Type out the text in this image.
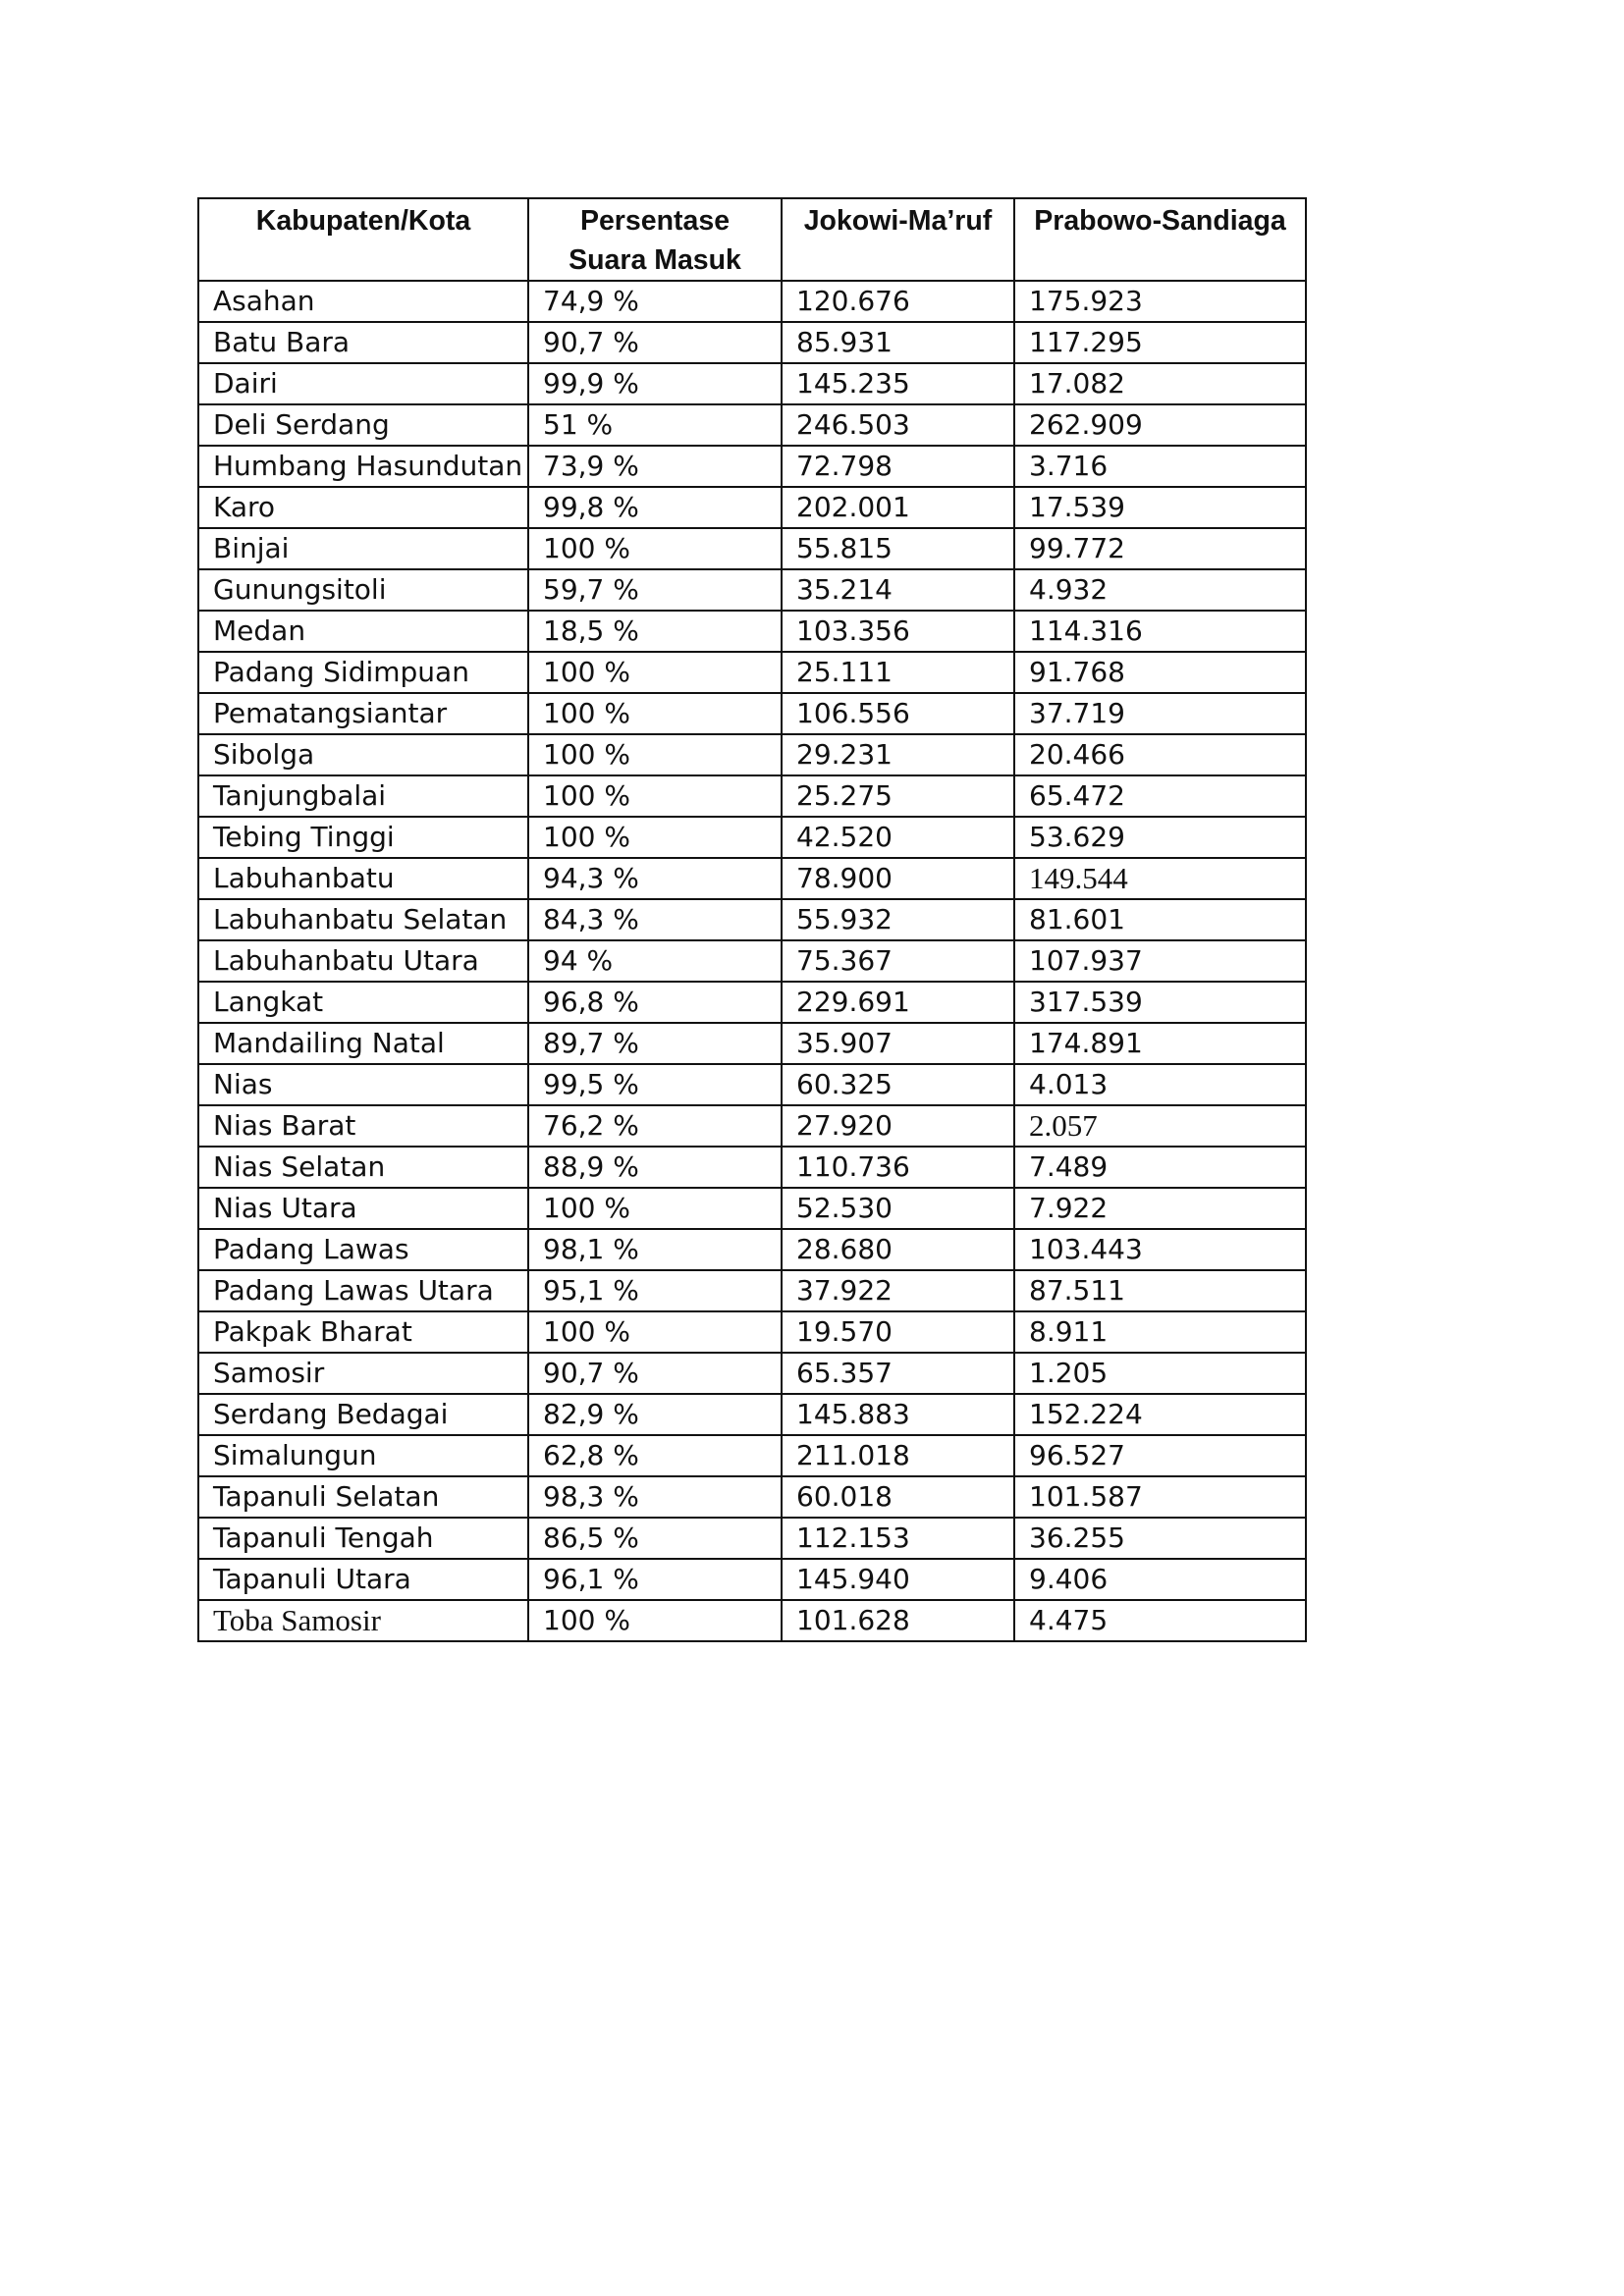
Kabupaten/Kota	Persentase Suara Masuk	Jokowi-Ma’ruf	Prabowo-Sandiaga
Asahan	74,9 %	120.676	175.923
Batu Bara	90,7 %	85.931	117.295
Dairi	99,9 %	145.235	17.082
Deli Serdang	51 %	246.503	262.909
Humbang Hasundutan	73,9 %	72.798	3.716
Karo	99,8 %	202.001	17.539
Binjai	100 %	55.815	99.772
Gunungsitoli	59,7 %	35.214	4.932
Medan	18,5 %	103.356	114.316
Padang Sidimpuan	100 %	25.111	91.768
Pematangsiantar	100 %	106.556	37.719
Sibolga	100 %	29.231	20.466
Tanjungbalai	100 %	25.275	65.472
Tebing Tinggi	100 %	42.520	53.629
Labuhanbatu	94,3 %	78.900	149.544
Labuhanbatu Selatan	84,3 %	55.932	81.601
Labuhanbatu Utara	94 %	75.367	107.937
Langkat	96,8 %	229.691	317.539
Mandailing Natal	89,7 %	35.907	174.891
Nias	99,5 %	60.325	4.013
Nias Barat	76,2 %	27.920	2.057
Nias Selatan	88,9 %	110.736	7.489
Nias Utara	100 %	52.530	7.922
Padang Lawas	98,1 %	28.680	103.443
Padang Lawas Utara	95,1 %	37.922	87.511
Pakpak Bharat	100 %	19.570	8.911
Samosir	90,7 %	65.357	1.205
Serdang Bedagai	82,9 %	145.883	152.224
Simalungun	62,8 %	211.018	96.527
Tapanuli Selatan	98,3 %	60.018	101.587
Tapanuli Tengah	86,5 %	112.153	36.255
Tapanuli Utara	96,1 %	145.940	9.406
Toba Samosir	100 %	101.628	4.475
